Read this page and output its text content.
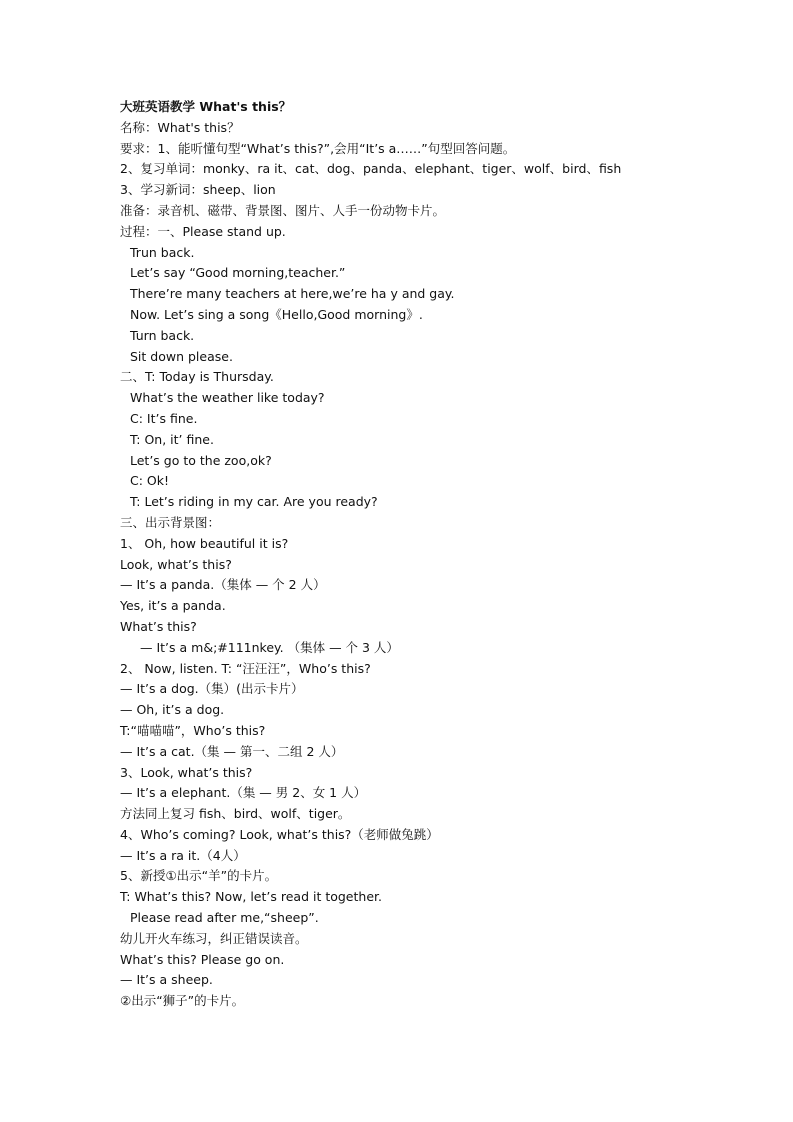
大班英语教学 What's this？
名称：What's this？
要求：1、能听懂句型“What’s this?”,会用“It’s a……”句型回答问题。
2、复习单词：monky、ra it、cat、dog、panda、elephant、tiger、wolf、bird、fish
3、学习新词：sheep、lion
准备：录音机、磁带、背景图、图片、人手一份动物卡片。
过程：一、Please stand up.
Trun back.
Let’s say “Good morning,teacher.”
There’re many teachers at here,we’re ha y and gay.
Now. Let’s sing a song《Hello,Good morning》.
Turn back.
Sit down please.
二、T: Today is Thursday.
What’s the weather like today?
C: It’s fine.
T: On, it’ fine.
Let’s go to the zoo,ok?
C: Ok!
T: Let’s riding in my car. Are you ready?
三、出示背景图：
1、 Oh, how beautiful it is?
Look, what’s this?
— It’s a panda.（集体 — 个 2 人）
Yes, it’s a panda.
What’s this?
— It’s a m&;#111nkey. （集体 — 个 3 人）
2、 Now, listen. T: “汪汪汪”，Who’s this?
— It’s a dog.（集）(出示卡片）
— Oh, it’s a dog.
T:“喵喵喵”，Who’s this?
— It’s a cat.（集 — 第一、二组 2 人）
3、Look, what’s this?
— It’s a elephant.（集 — 男 2、女 1 人）
方法同上复习 fish、bird、wolf、tiger。
4、Who’s coming? Look, what’s this?（老师做兔跳）
— It’s a ra it.（4人）
5、新授①出示“羊”的卡片。
T: What’s this? Now, let’s read it together.
Please read after me,“sheep”.
幼儿开火车练习，纠正错误读音。
What’s this? Please go on.
— It’s a sheep.
②出示“狮子”的卡片。
